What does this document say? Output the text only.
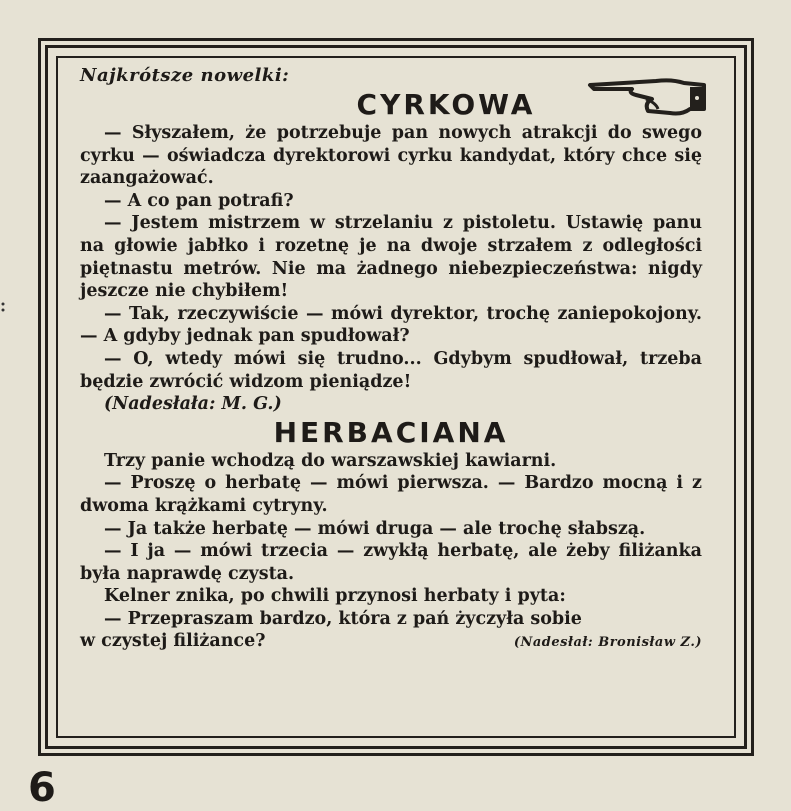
Najkrótsze nowelki:

CYRKOWA

— Słyszałem, że potrzebuje pan nowych atrakcji do swego cyrku — oświadcza dyrektorowi cyrku kandydat, który chce się zaangażować.

— A co pan potrafi?

— Jestem mistrzem w strzelaniu z pistoletu. Ustawię panu na głowie jabłko i rozetnę je na dwoje strzałem z odległości piętnastu metrów. Nie ma żadnego niebezpieczeństwa: nigdy jeszcze nie chybiłem!

— Tak, rzeczywiście — mówi dyrektor, trochę zaniepokojony. — A gdyby jednak pan spudłował?

— O, wtedy mówi się trudno... Gdybym spudłował, trzeba będzie zwrócić widzom pieniądze!

(Nadesłała: M. G.)

HERBACIANA

Trzy panie wchodzą do warszawskiej kawiarni.

— Proszę o herbatę — mówi pierwsza. — Bardzo mocną i z dwoma krążkami cytryny.

— Ja także herbatę — mówi druga — ale trochę słabszą.

— I ja — mówi trzecia — zwykłą herbatę, ale żeby filiżanka była naprawdę czysta.

Kelner znika, po chwili przynosi herbaty i pyta:

— Przepraszam bardzo, która z pań życzyła sobie

w czystej filiżance?	(Nadesłał: Bronisław Z.)
6
